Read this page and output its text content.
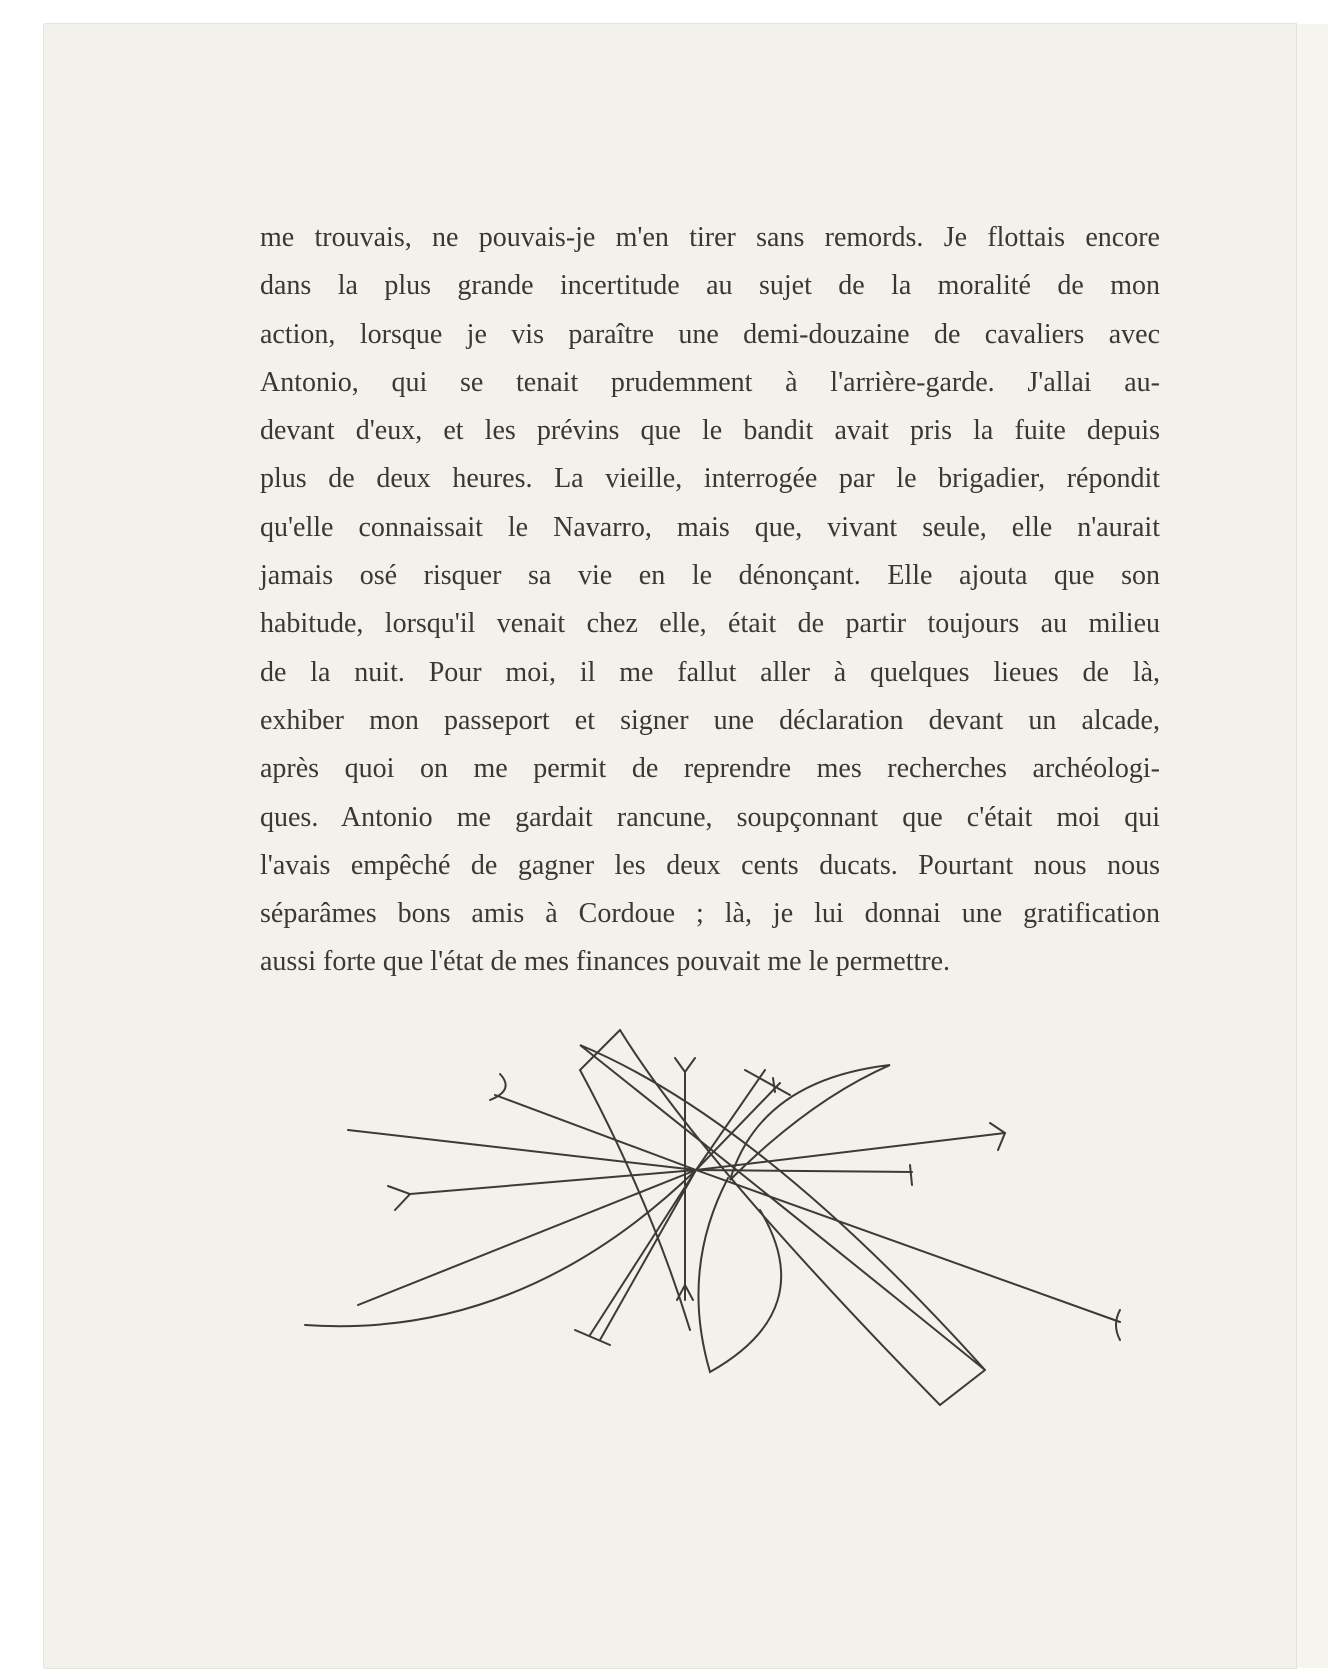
me trouvais, ne pouvais-je m'en tirer sans remords. Je flottais encore
dans la plus grande incertitude au sujet de la moralité de mon
action, lorsque je vis paraître une demi-douzaine de cavaliers avec
Antonio, qui se tenait prudemment à l'arrière-garde. J'allai au-
devant d'eux, et les prévins que le bandit avait pris la fuite depuis
plus de deux heures. La vieille, interrogée par le brigadier, répondit
qu'elle connaissait le Navarro, mais que, vivant seule, elle n'aurait
jamais osé risquer sa vie en le dénonçant. Elle ajouta que son
habitude, lorsqu'il venait chez elle, était de partir toujours au milieu
de la nuit. Pour moi, il me fallut aller à quelques lieues de là,
exhiber mon passeport et signer une déclaration devant un alcade,
après quoi on me permit de reprendre mes recherches archéologi-
ques. Antonio me gardait rancune, soupçonnant que c'était moi qui
l'avais empêché de gagner les deux cents ducats. Pourtant nous nous
séparâmes bons amis à Cordoue ; là, je lui donnai une gratification
aussi forte que l'état de mes finances pouvait me le permettre.
